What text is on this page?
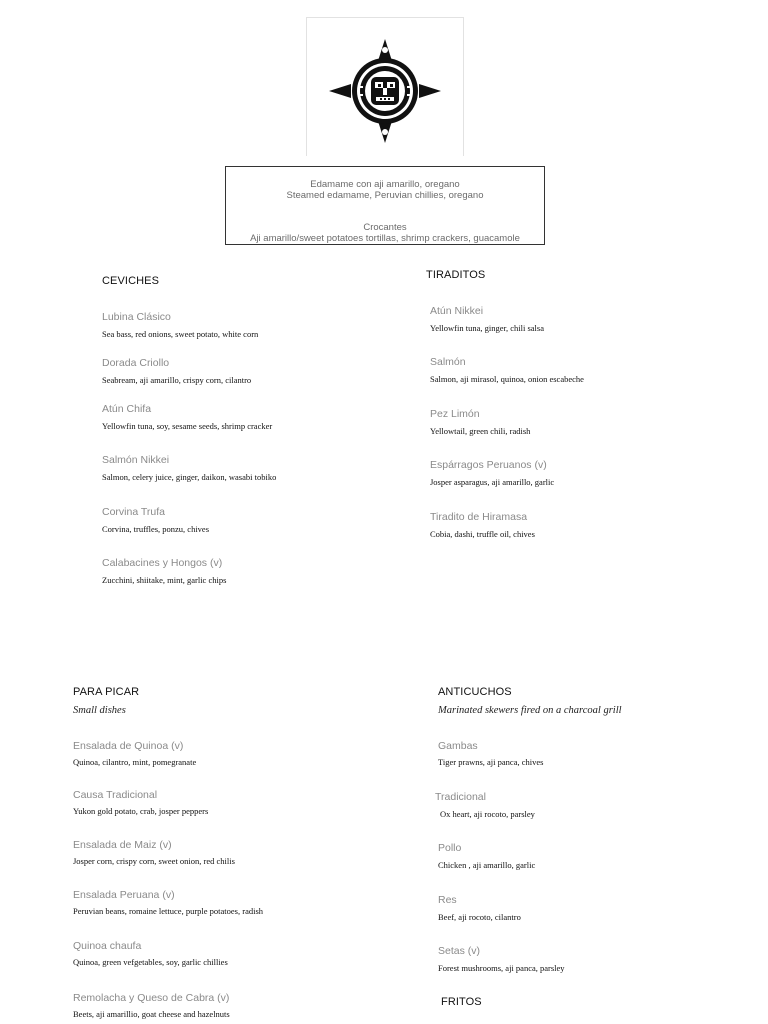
Edamame con aji amarillo, oregano
Steamed edamame, Peruvian chillies, oregano
Crocantes
Aji amarillo/sweet potatoes tortillas, shrimp crackers, guacamole
CEVICHES
Lubina Clásico
Sea bass, red onions, sweet potato, white corn
Dorada Criollo
Seabream, aji amarillo, crispy corn, cilantro
Atún Chifa
Yellowfin tuna, soy, sesame seeds, shrimp cracker
Salmón Nikkei
Salmon, celery juice, ginger, daikon, wasabi tobiko
Corvina Trufa
Corvina, truffles, ponzu, chives
Calabacines y Hongos (v)
Zucchini, shiitake, mint, garlic chips
TIRADITOS
Atún Nikkei
Yellowfin tuna, ginger, chili salsa
Salmón
Salmon, aji mirasol, quinoa, onion escabeche
Pez Limón
Yellowtail, green chili, radish
Espárragos Peruanos (v)
Josper asparagus, aji amarillo, garlic
Tiradito de Hiramasa
Cobia, dashi, truffle oil, chives
PARA PICAR
Small dishes
Ensalada de Quinoa (v)
Quinoa, cilantro, mint, pomegranate
Causa Tradicional
Yukon gold potato, crab, josper peppers
Ensalada de Maiz (v)
Josper corn, crispy corn, sweet onion, red chilis
Ensalada Peruana (v)
Peruvian beans, romaine lettuce, purple potatoes, radish
Quinoa chaufa
Quinoa, green vefgetables, soy, garlic chillies
Remolacha y Queso de Cabra (v)
Beets, aji amarillio, goat cheese and hazelnuts
ANTICUCHOS
Marinated skewers fired on a charcoal grill
Gambas
Tiger prawns, aji panca, chives
Tradicional
Ox heart, aji rocoto, parsley
Pollo
Chicken , aji amarillo, garlic
Res
Beef, aji rocoto, cilantro
Setas (v)
Forest mushrooms, aji panca, parsley
FRITOS
